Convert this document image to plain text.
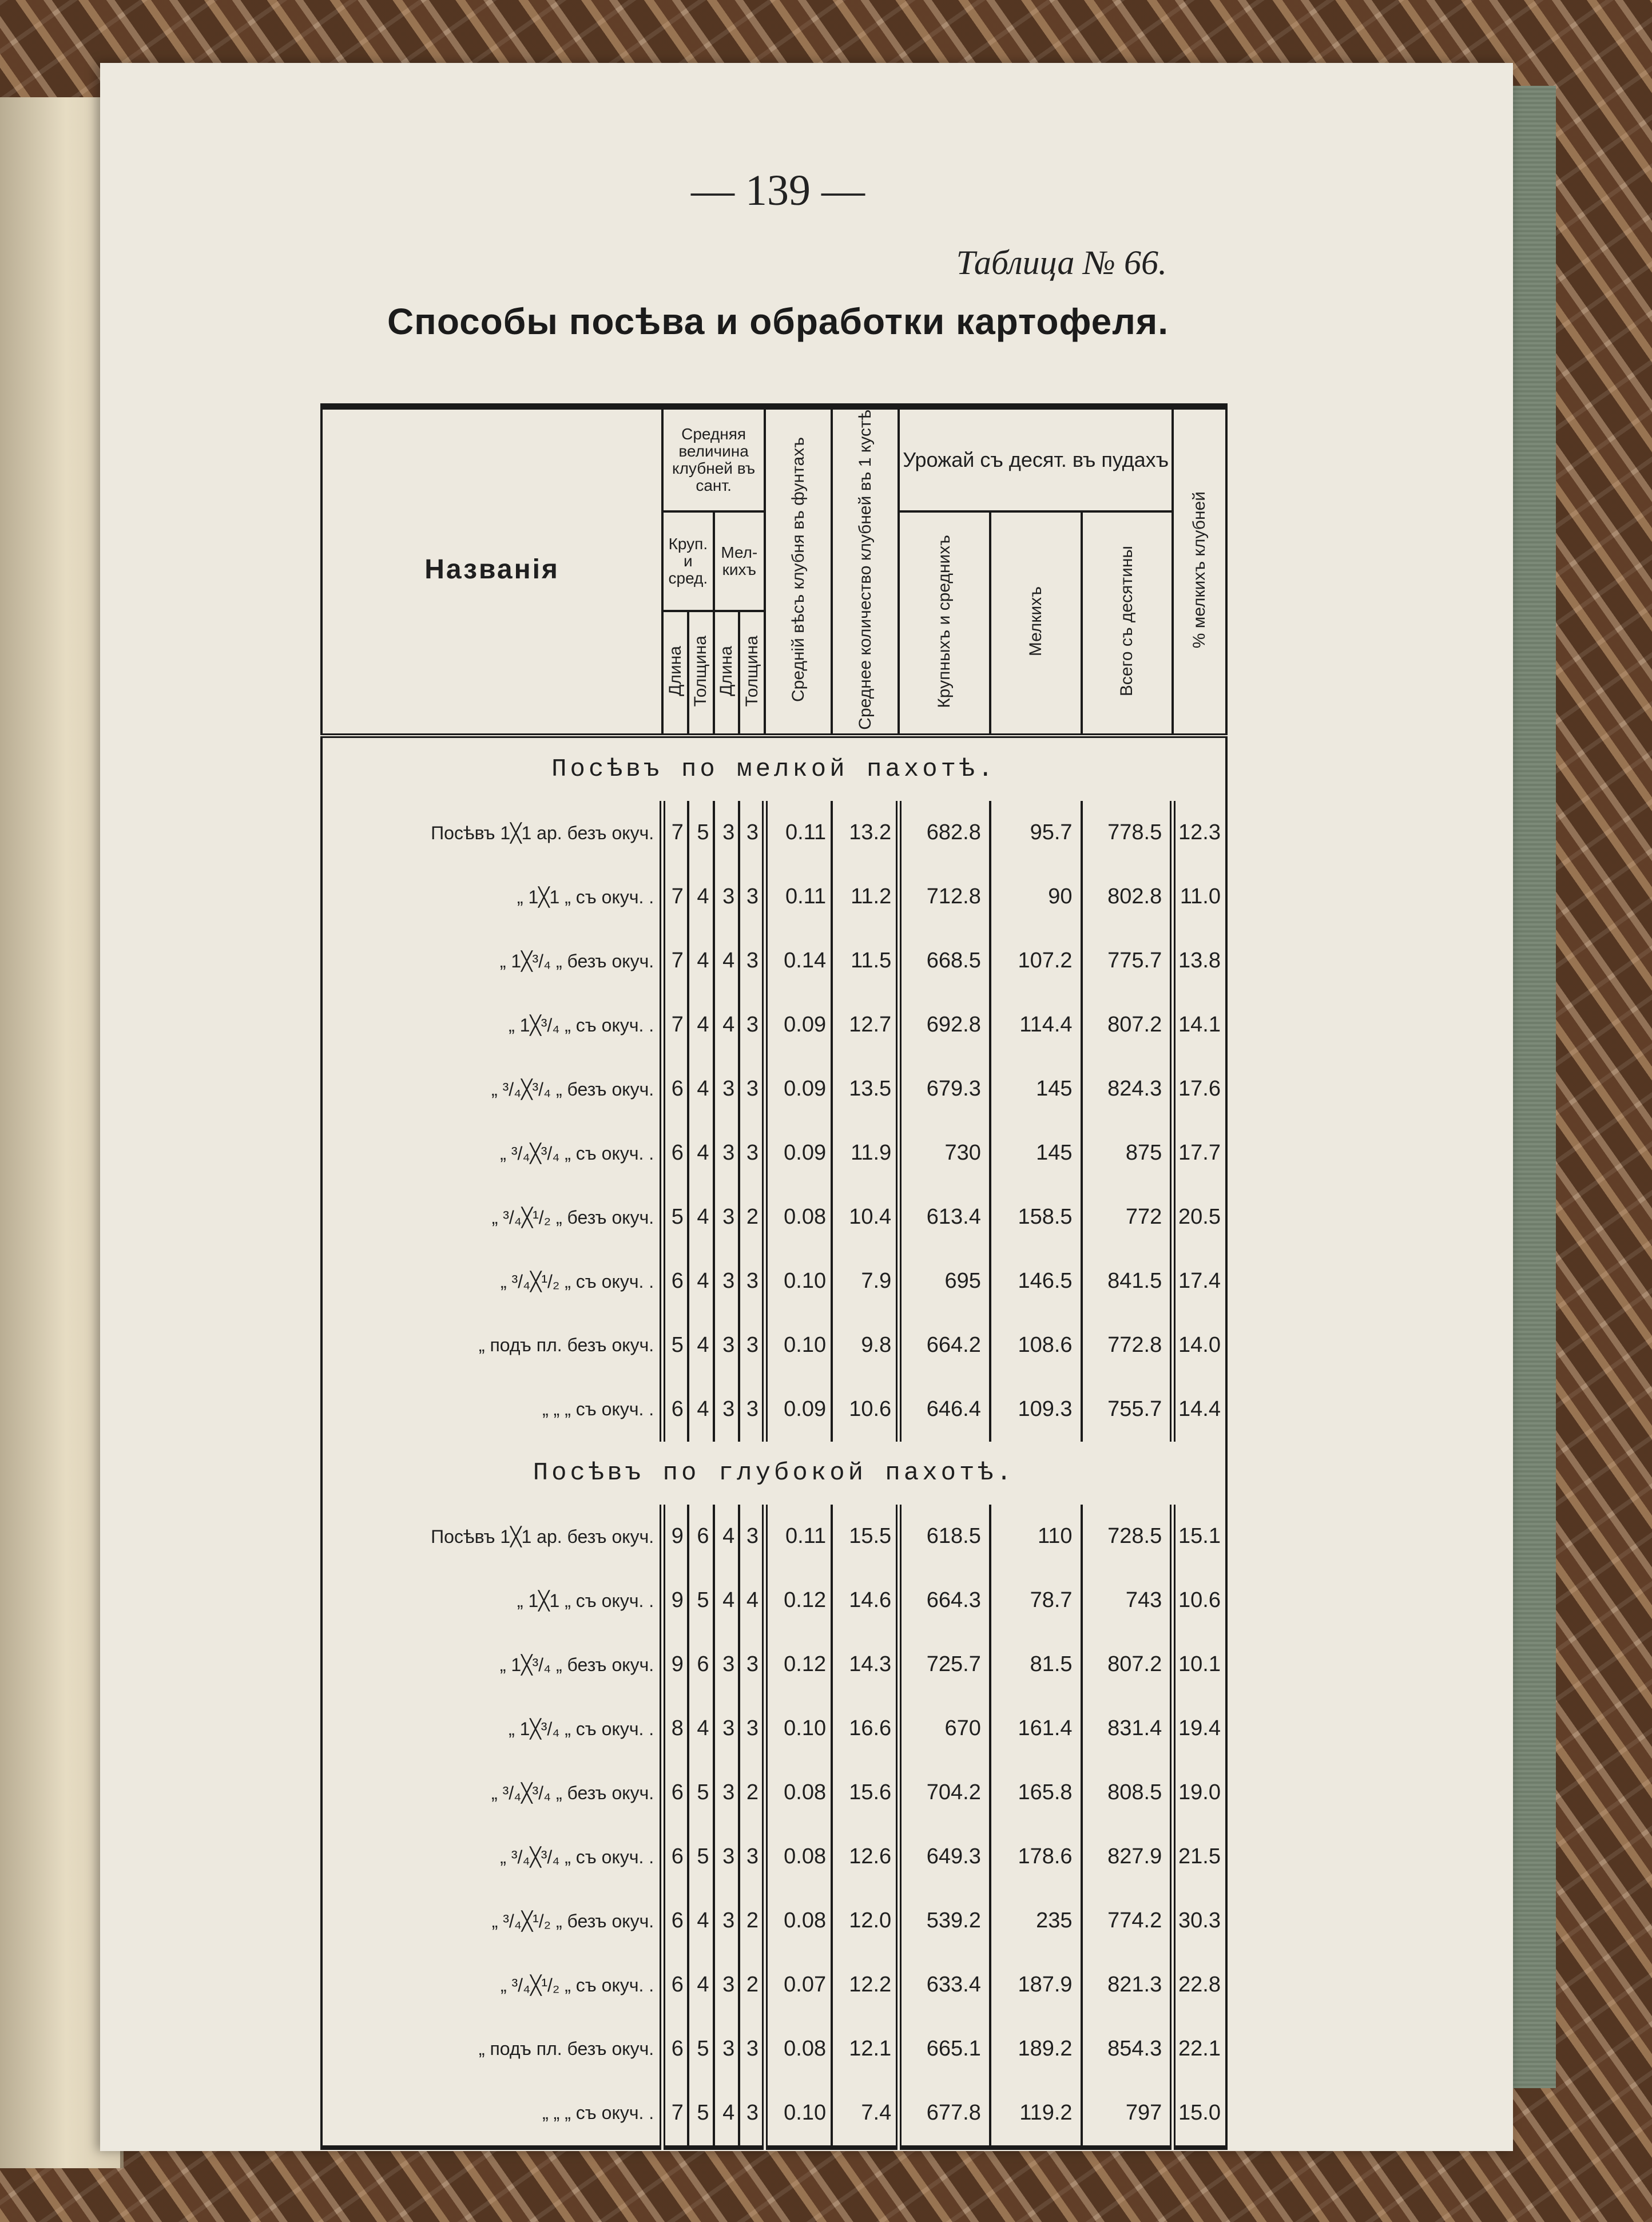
— 139 —
Таблица № 66.
Способы посѣва и обработки картофеля.
Названія	Средняя величина клубней въ сант.				Средній вѣсъ клубня въ фунтахъ	Среднее количество клубней въ 1 кустѣ	Урожай съ десят. въ пудахъ			% мелкихъ клубней
	Круп. и сред.		Мел-кихъ				Крупныхъ и среднихъ	Мелкихъ	Всего съ десятины	
	Длина	Толщина	Длина	Толщина						
Посѣвъ по мелкой пахотѣ.										
Посѣвъ 1╳1 ар. безъ окуч.	7	5	3	3	0.11	13.2	682.8	95.7	778.5	12.3
„ 1╳1 „ съ окуч. .	7	4	3	3	0.11	11.2	712.8	90	802.8	11.0
„ 1╳³/₄ „ безъ окуч.	7	4	4	3	0.14	11.5	668.5	107.2	775.7	13.8
„ 1╳³/₄ „ съ окуч. .	7	4	4	3	0.09	12.7	692.8	114.4	807.2	14.1
„ ³/₄╳³/₄ „ безъ окуч.	6	4	3	3	0.09	13.5	679.3	145	824.3	17.6
„ ³/₄╳³/₄ „ съ окуч. .	6	4	3	3	0.09	11.9	730	145	875	17.7
„ ³/₄╳¹/₂ „ безъ окуч.	5	4	3	2	0.08	10.4	613.4	158.5	772	20.5
„ ³/₄╳¹/₂ „ съ окуч. .	6	4	3	3	0.10	7.9	695	146.5	841.5	17.4
„ подъ пл. безъ окуч.	5	4	3	3	0.10	9.8	664.2	108.6	772.8	14.0
„ „ „ съ окуч. .	6	4	3	3	0.09	10.6	646.4	109.3	755.7	14.4
Посѣвъ по глубокой пахотѣ.										
Посѣвъ 1╳1 ар. безъ окуч.	9	6	4	3	0.11	15.5	618.5	110	728.5	15.1
„ 1╳1 „ съ окуч. .	9	5	4	4	0.12	14.6	664.3	78.7	743	10.6
„ 1╳³/₄ „ безъ окуч.	9	6	3	3	0.12	14.3	725.7	81.5	807.2	10.1
„ 1╳³/₄ „ съ окуч. .	8	4	3	3	0.10	16.6	670	161.4	831.4	19.4
„ ³/₄╳³/₄ „ безъ окуч.	6	5	3	2	0.08	15.6	704.2	165.8	808.5	19.0
„ ³/₄╳³/₄ „ съ окуч. .	6	5	3	3	0.08	12.6	649.3	178.6	827.9	21.5
„ ³/₄╳¹/₂ „ безъ окуч.	6	4	3	2	0.08	12.0	539.2	235	774.2	30.3
„ ³/₄╳¹/₂ „ съ окуч. .	6	4	3	2	0.07	12.2	633.4	187.9	821.3	22.8
„ подъ пл. безъ окуч.	6	5	3	3	0.08	12.1	665.1	189.2	854.3	22.1
„ „ „ съ окуч. .	7	5	4	3	0.10	7.4	677.8	119.2	797	15.0
